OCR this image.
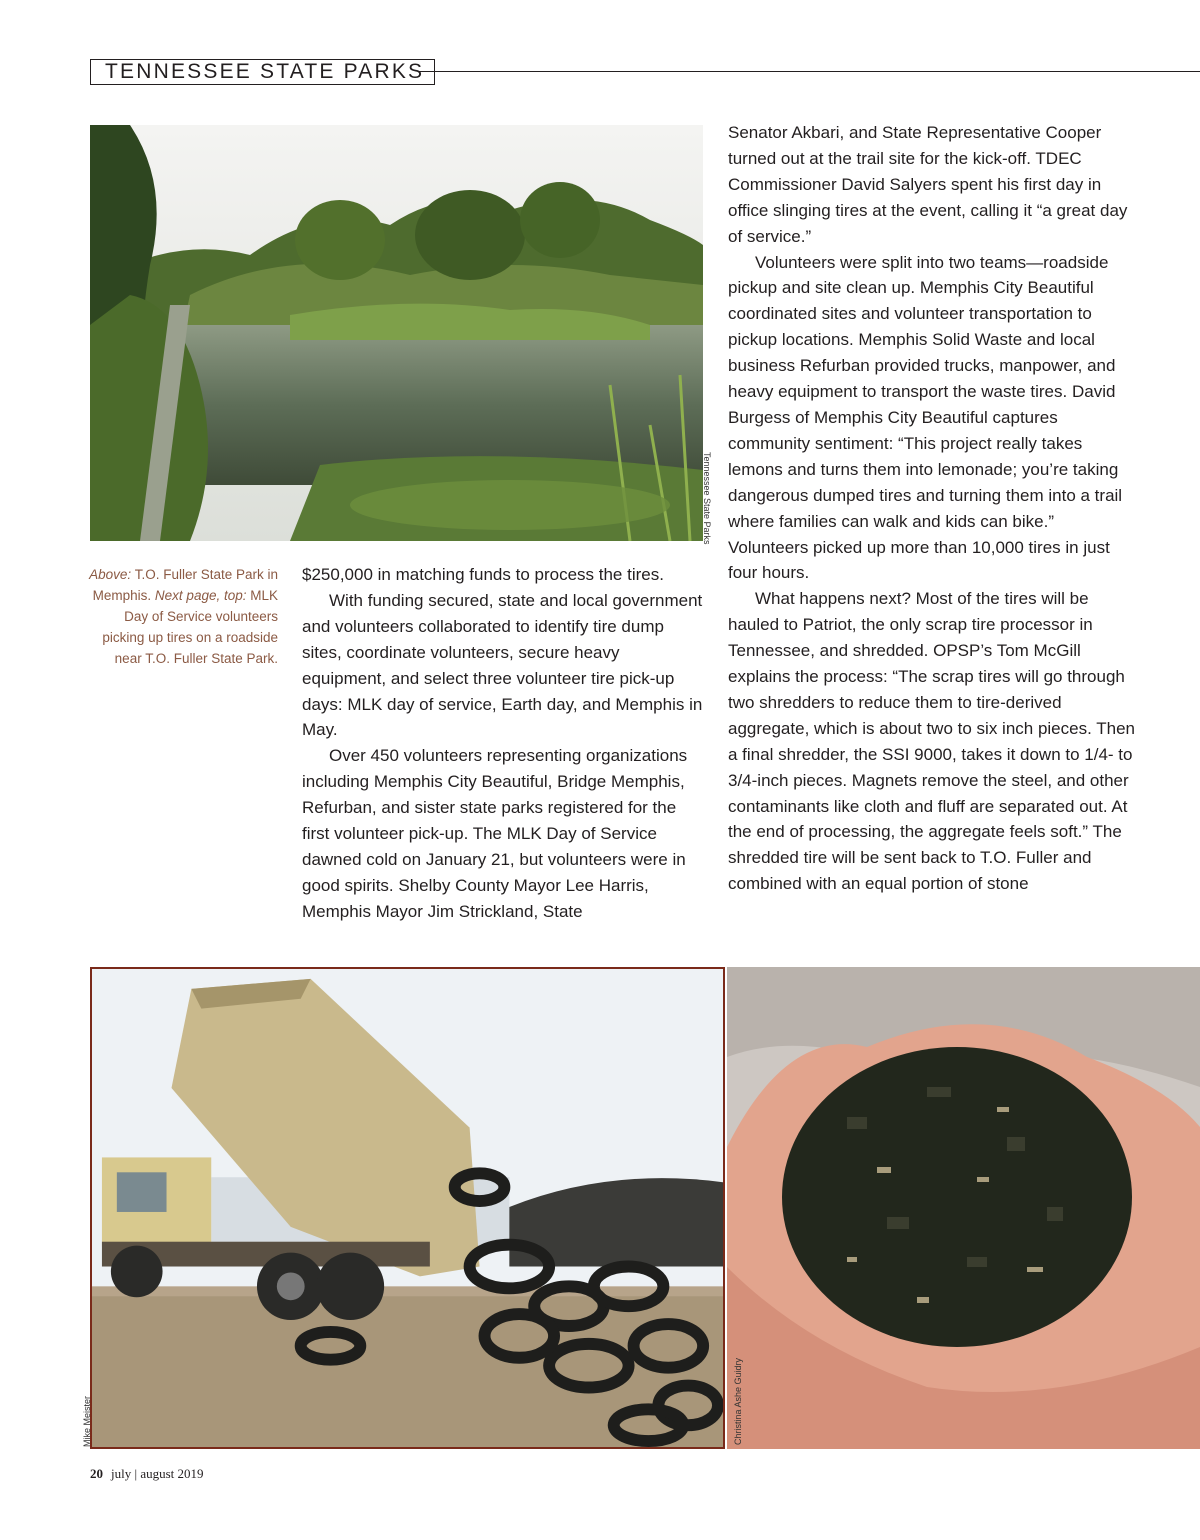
TENNESSEE STATE PARKS
Tennessee State Parks
Above: T.O. Fuller State Park in Memphis. Next page, top: MLK Day of Service volunteers picking up tires on a roadside near T.O. Fuller State Park.

$250,000 in matching funds to process the tires.

With funding secured, state and local government and volunteers collaborated to identify tire dump sites, coordinate volunteers, secure heavy equipment, and select three volunteer tire pick-up days: MLK day of service, Earth day, and Memphis in May.

Over 450 volunteers representing organizations including Memphis City Beautiful, Bridge Memphis, Refurban, and sister state parks registered for the first volunteer pick-up. The MLK Day of Service dawned cold on January 21, but volunteers were in good spirits. Shelby County Mayor Lee Harris, Memphis Mayor Jim Strickland, State

Senator Akbari, and State Representative Cooper turned out at the trail site for the kick-off. TDEC Commissioner David Salyers spent his first day in office slinging tires at the event, calling it “a great day of service.”

Volunteers were split into two teams—roadside pickup and site clean up. Memphis City Beautiful coordinated sites and volunteer transportation to pickup locations. Memphis Solid Waste and local business Refurban provided trucks, manpower, and heavy equipment to transport the waste tires. David Burgess of Memphis City Beautiful captures community sentiment: “This project really takes lemons and turns them into lemonade; you’re taking dangerous dumped tires and turning them into a trail where families can walk and kids can bike.” Volunteers picked up more than 10,000 tires in just four hours.

What happens next? Most of the tires will be hauled to Patriot, the only scrap tire processor in Tennessee, and shredded. OPSP’s Tom McGill explains the process: “The scrap tires will go through two shredders to reduce them to tire-derived aggregate, which is about two to six inch pieces. Then a final shredder, the SSI 9000, takes it down to 1/4- to 3/4-inch pieces. Magnets remove the steel, and other contaminants like cloth and fluff are separated out. At the end of processing, the aggregate feels soft.” The shredded tire will be sent back to T.O. Fuller and combined with an equal portion of stone

Mike Meister	Christina Ashe Guidry
20 july | august 2019
